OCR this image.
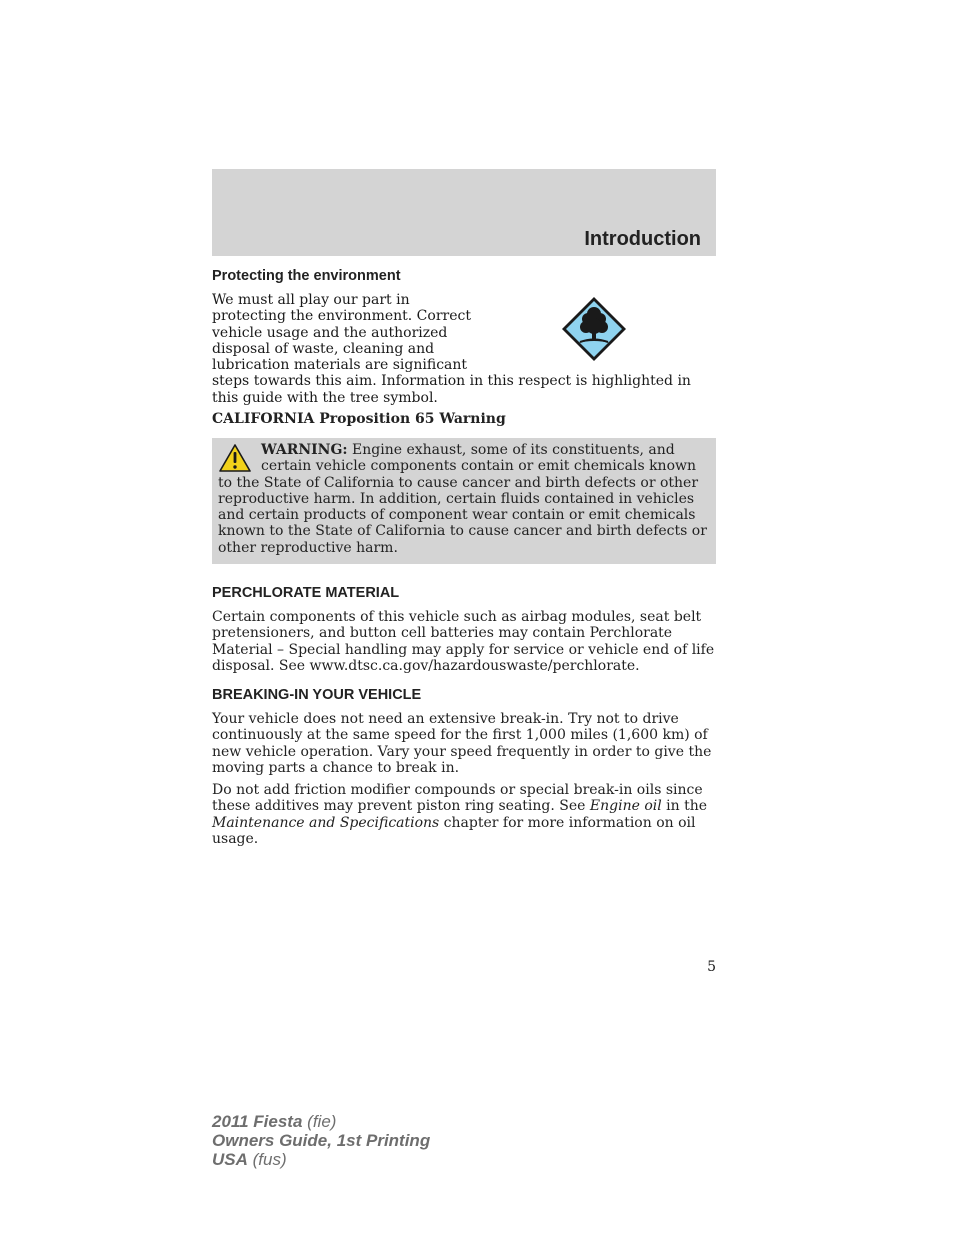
Introduction
Protecting the environment

We must all play our part in
protecting the environment. Correct
vehicle usage and the authorized
disposal of waste, cleaning and
lubrication materials are significant

steps towards this aim. Information in this respect is highlighted in this guide with the tree symbol.

CALIFORNIA Proposition 65 Warning

WARNING: Engine exhaust, some of its constituents, and
certain vehicle components contain or emit chemicals known to the State of California to cause cancer and birth defects or other reproductive harm. In addition, certain fluids contained in vehicles and certain products of component wear contain or emit chemicals known to the State of California to cause cancer and birth defects or other reproductive harm.

PERCHLORATE MATERIAL

Certain components of this vehicle such as airbag modules, seat belt pretensioners, and button cell batteries may contain Perchlorate Material – Special handling may apply for service or vehicle end of life disposal. See www.dtsc.ca.gov/hazardouswaste/perchlorate.

BREAKING-IN YOUR VEHICLE

Your vehicle does not need an extensive break-in. Try not to drive continuously at the same speed for the first 1,000 miles (1,600 km) of new vehicle operation. Vary your speed frequently in order to give the moving parts a chance to break in.

Do not add friction modifier compounds or special break-in oils since these additives may prevent piston ring seating. See Engine oil in the Maintenance and Specifications chapter for more information on oil usage.

5
2011 Fiesta (fie)
Owners Guide, 1st Printing
USA (fus)
